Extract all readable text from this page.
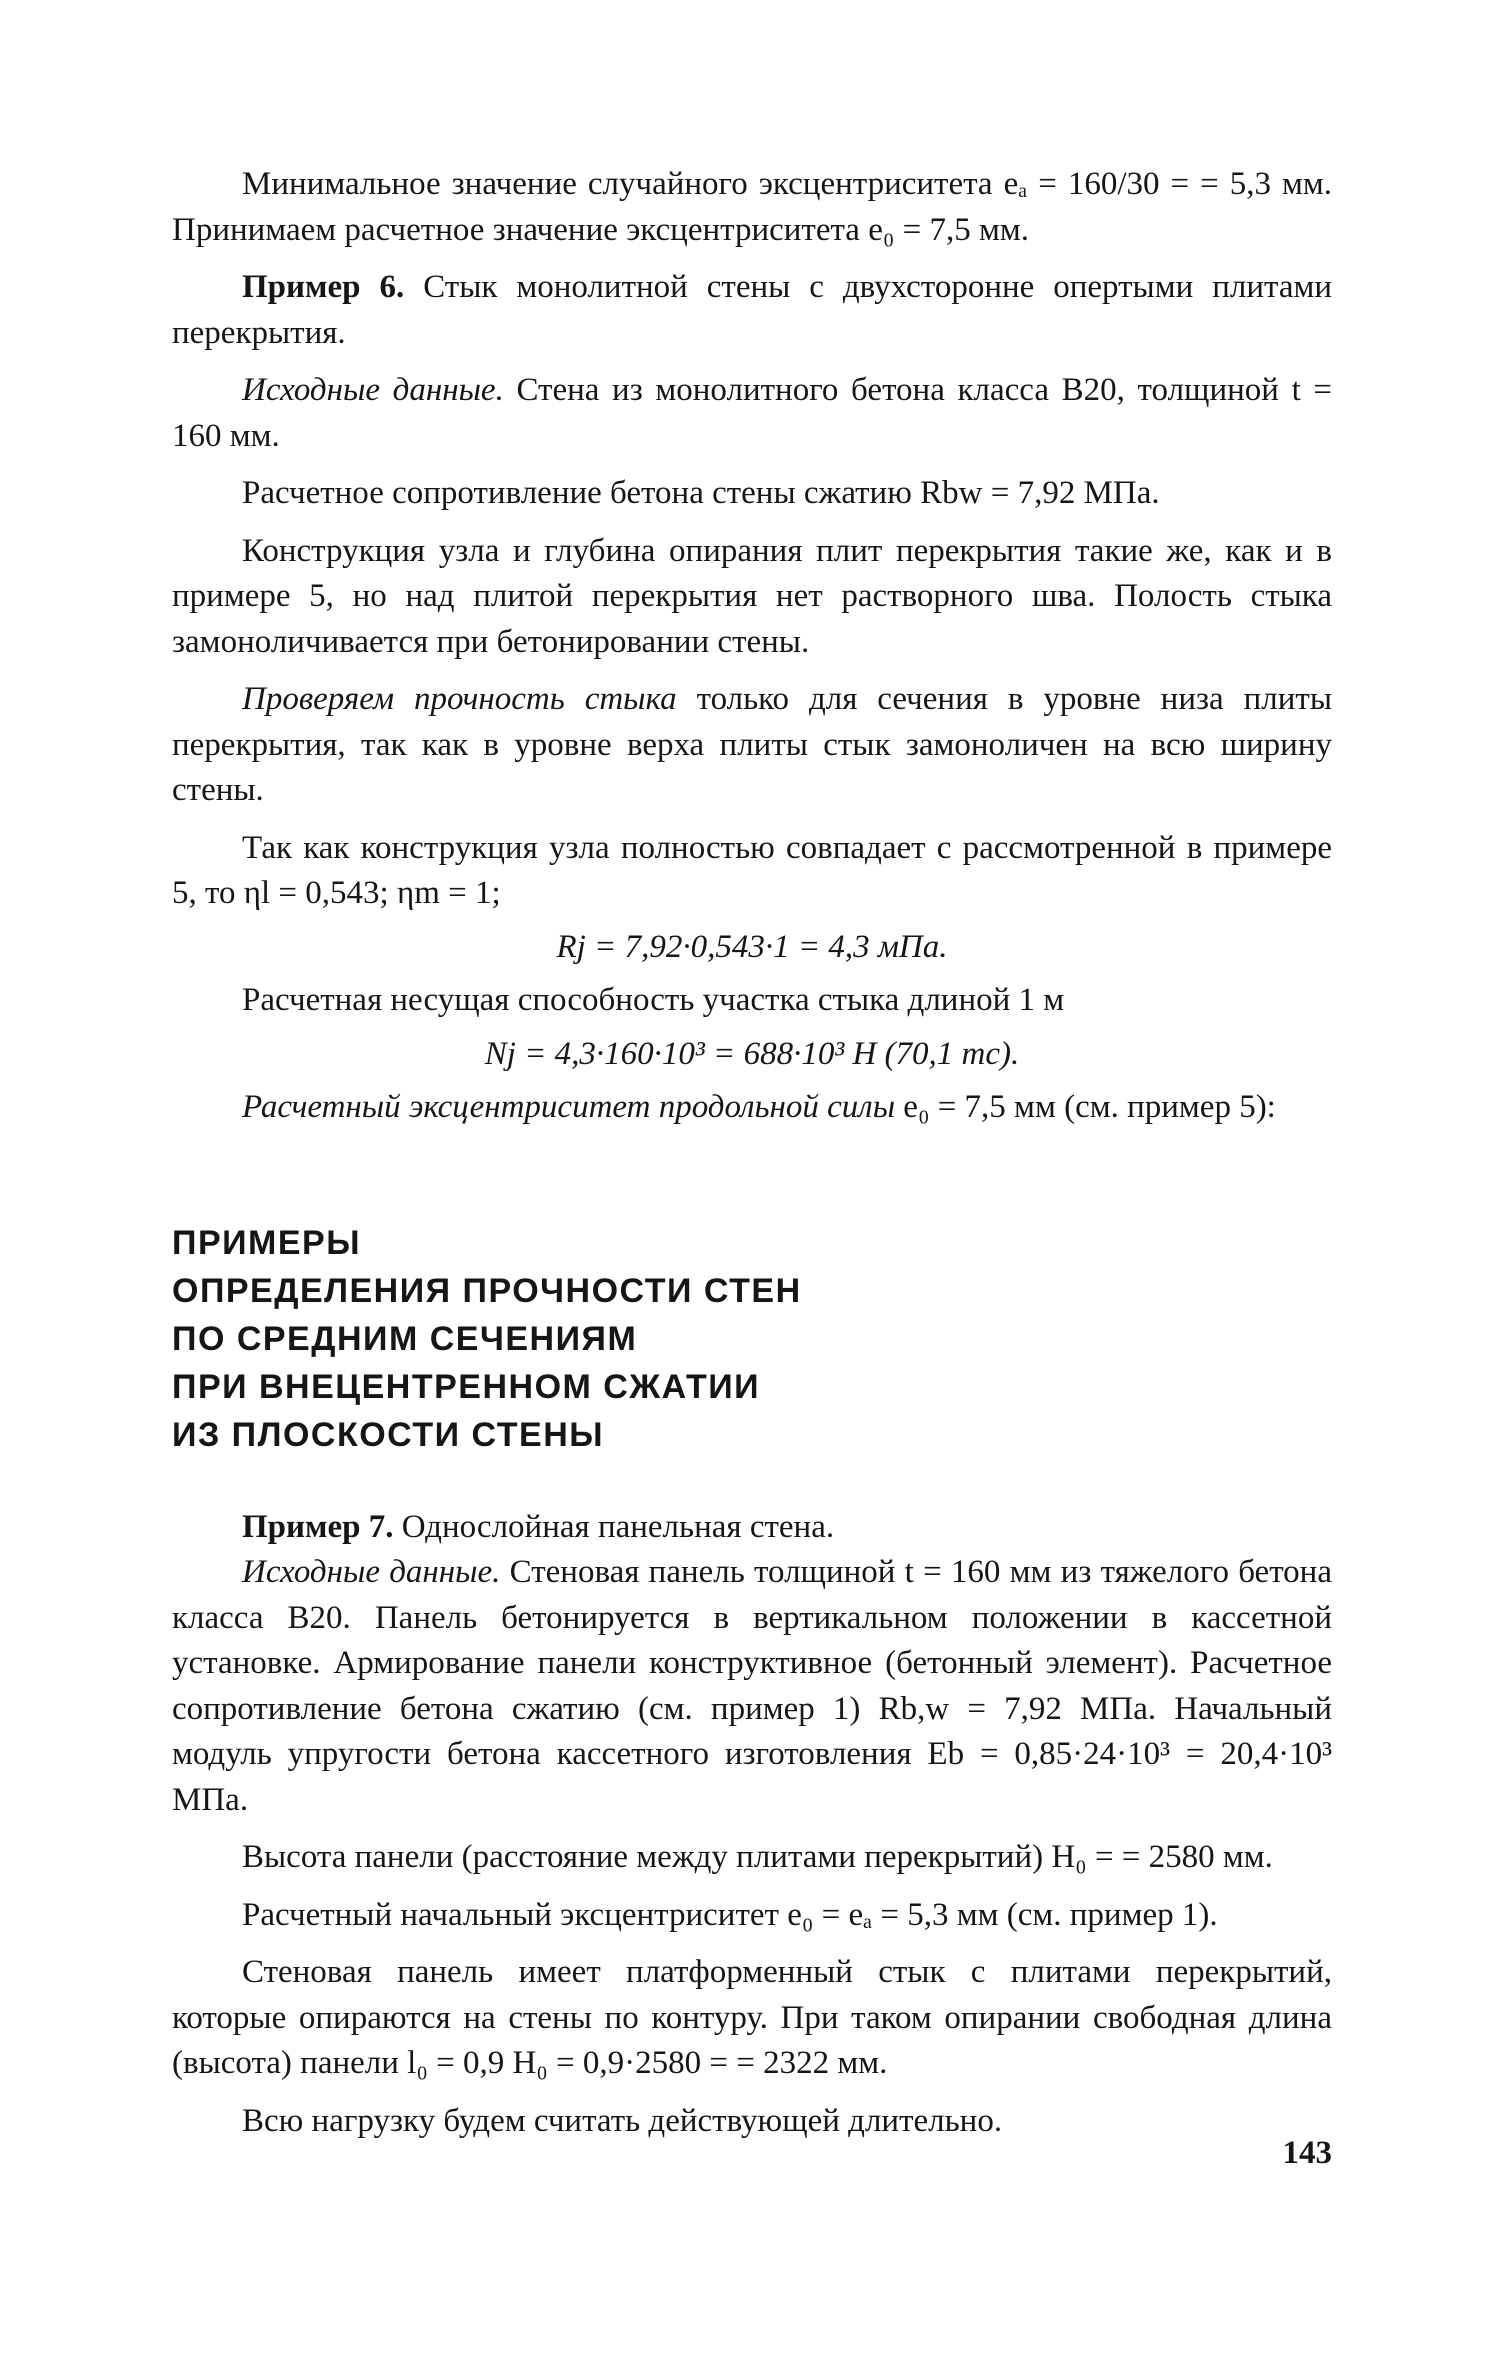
Минимальное значение случайного эксцентриситета eₐ = 160/30 = = 5,3 мм. Принимаем расчетное значение эксцентриситета e₀ = 7,5 мм.

Пример 6. Стык монолитной стены с двухсторонне опертыми плитами перекрытия.

Исходные данные. Стена из монолитного бетона класса В20, толщиной t = 160 мм.

Расчетное сопротивление бетона стены сжатию Rbw = 7,92 МПа.

Конструкция узла и глубина опирания плит перекрытия такие же, как и в примере 5, но над плитой перекрытия нет растворного шва. Полость стыка замоноличивается при бетонировании стены.

Проверяем прочность стыка только для сечения в уровне низа плиты перекрытия, так как в уровне верха плиты стык замоноличен на всю ширину стены.

Так как конструкция узла полностью совпадает с рассмотренной в примере 5, то ηl = 0,543; ηm = 1;

Rj = 7,92·0,543·1 = 4,3 мПа.

Расчетная несущая способность участка стыка длиной 1 м

Nj = 4,3·160·10³ = 688·10³ Н (70,1 тс).

Расчетный эксцентриситет продольной силы e₀ = 7,5 мм (см. пример 5):

ПРИМЕРЫ
ОПРЕДЕЛЕНИЯ ПРОЧНОСТИ СТЕН
ПО СРЕДНИМ СЕЧЕНИЯМ
ПРИ ВНЕЦЕНТРЕННОМ СЖАТИИ
ИЗ ПЛОСКОСТИ СТЕНЫ

Пример 7. Однослойная панельная стена.

Исходные данные. Стеновая панель толщиной t = 160 мм из тяжелого бетона класса В20. Панель бетонируется в вертикальном положении в кассетной установке. Армирование панели конструктивное (бетонный элемент). Расчетное сопротивление бетона сжатию (см. пример 1) Rb,w = 7,92 МПа. Начальный модуль упругости бетона кассетного изготовления Eb = 0,85·24·10³ = 20,4·10³ МПа.

Высота панели (расстояние между плитами перекрытий) H₀ = = 2580 мм.

Расчетный начальный эксцентриситет e₀ = eₐ = 5,3 мм (см. пример 1).

Стеновая панель имеет платформенный стык с плитами перекрытий, которые опираются на стены по контуру. При таком опирании свободная длина (высота) панели l₀ = 0,9 H₀ = 0,9·2580 = = 2322 мм.

Всю нагрузку будем считать действующей длительно.

143
